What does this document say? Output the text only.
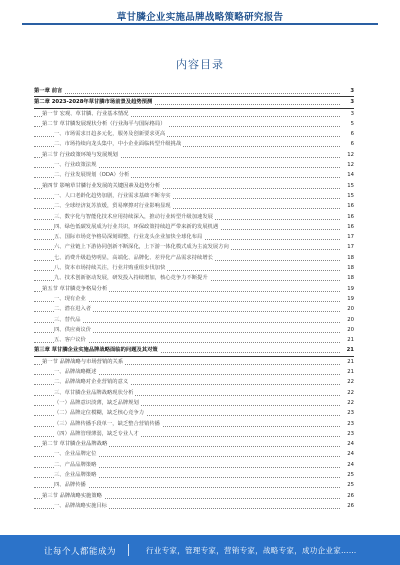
草甘膦企业实施品牌战略策略研究报告
内容目录
第一章 前言	3
第二章 2023-2028年草甘膦市场前景及趋势预测	3
第一节 宏观、草甘膦、行业基本情况	3
第二节 草甘膦发展现状分析（行业海平与国际格局）	5
一、市场需求日趋多元化，服务及创新要求更高	6
二、市场持续向龙头集中，中小企业面临转型升级挑战	6
第三节 行业政策环境与发展规划	12
一、行业政策法规	12
二、行业发展规划（ODA）分析	14
第四节 影响草甘膦行业发展的关键因素及趋势分析	15
一、人口老龄化趋势加剧，行业需求基础不断夯实	15
二、全球经济复苏放缓，贸易摩擦对行业影响显现	16
三、数字化与智能化技术应用持续深入，推动行业转型升级加速发展	16
四、绿色低碳发展成为行业共识，环保政策持续趋严带来新的发展机遇	16
五、国际市场竞争格局深刻调整，行业龙头企业加快全球化布局	17
六、产业链上下游协同创新不断深化，上下游一体化模式成为主流发展方向	17
七、消费升级趋势明显，高端化、品牌化、差异化产品需求持续增长	18
八、资本市场持续关注，行业并购重组步伐加快	18
九、技术创新驱动发展，研发投入持续增加，核心竞争力不断提升	18
第五节 草甘膦竞争格局分析	19
一、现有企业	19
二、潜在进入者	20
三、替代品	20
四、供应商议价	20
五、客户议价	21
第三章 草甘膦企业实施品牌战略面临的问题及其对策	21
第一节 品牌战略与市场营销的关系	21
一、品牌战略概述	21
二、品牌战略对企业营销的意义	22
三、草甘膦企业品牌战略现状分析	22
（一）品牌意识淡薄，缺乏品牌规划	22
（二）品牌定位模糊，缺乏核心竞争力	23
（三）品牌传播手段单一，缺乏整合营销传播	23
（四）品牌管理薄弱，缺乏专业人才	23
第二节 草甘膦企业品牌战略	24
一、企业品牌定位	24
二、产品品牌策略	24
三、企业品牌策略	25
四、品牌传播	25
第三节 品牌战略实施策略	26
一、品牌战略实施目标	26
让每个人都能成为	行业专家，管理专家，营销专家，战略专家，成功企业家……
